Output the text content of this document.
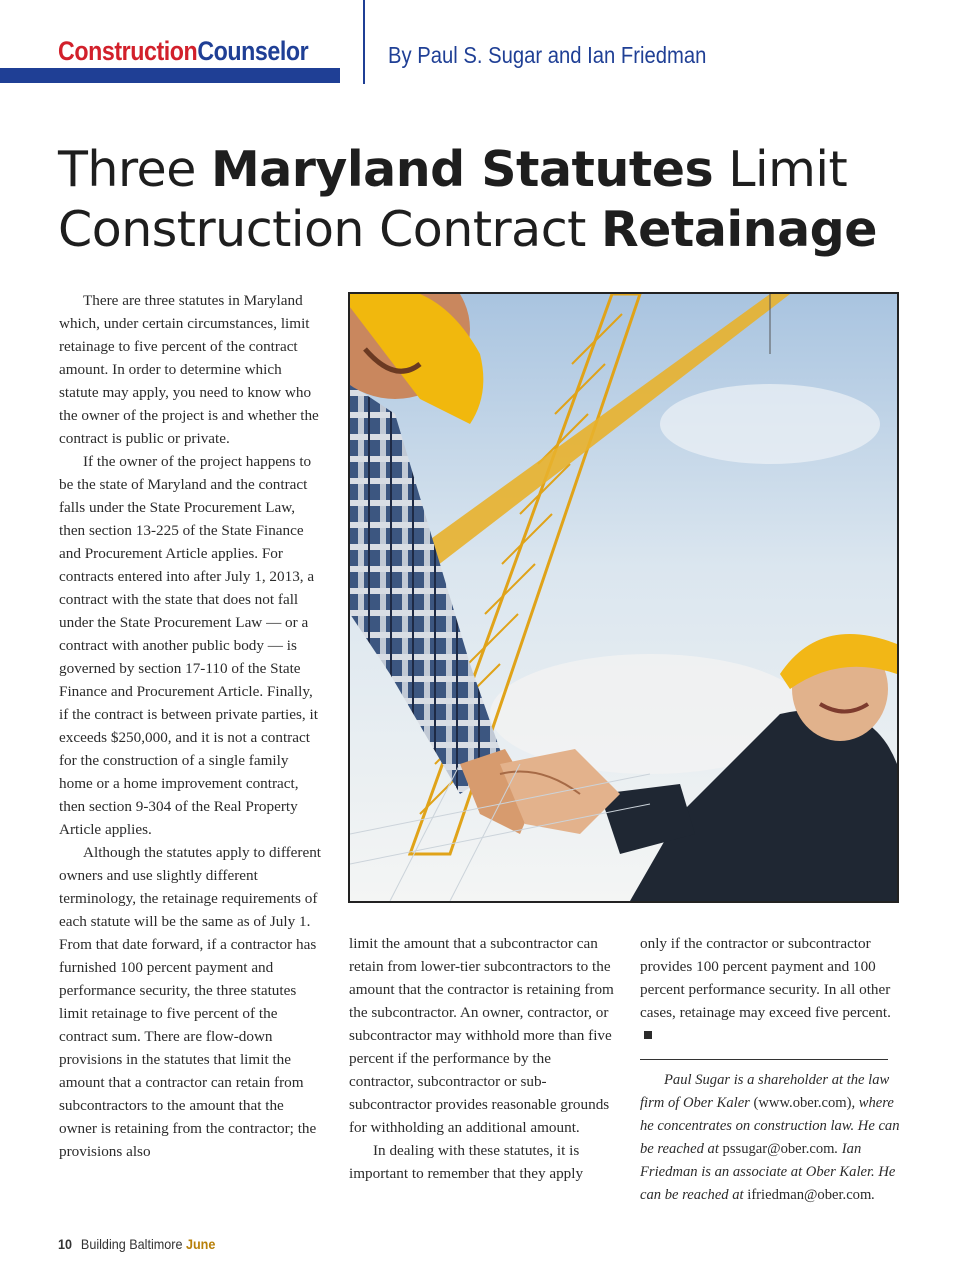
ConstructionCounselor	By Paul S. Sugar and Ian Friedman
Three Maryland Statutes Limit
Construction Contract Retainage

There are three statutes in Maryland which, under certain circumstances, limit retainage to five percent of the contract amount. In order to determine which statute may apply, you need to know who the owner of the project is and whether the contract is public or private.

If the owner of the project happens to be the state of Maryland and the contract falls under the State Procurement Law, then section 13-225 of the State Finance and Procurement Article applies. For contracts entered into after July 1, 2013, a contract with the state that does not fall under the State Procurement Law — or a contract with another public body — is governed by section 17-110 of the State Finance and Procurement Article. Finally, if the contract is between private parties, it exceeds $250,000, and it is not a contract for the construction of a single family home or a home improvement contract, then section 9-304 of the Real Property Article applies.

Although the statutes apply to different owners and use slightly different terminology, the retainage requirements of each statute will be the same as of July 1. From that date forward, if a contractor has furnished 100 percent payment and performance security, the three statutes limit retainage to five percent of the contract sum. There are flow-down provisions in the statutes that limit the amount that a contractor can retain from subcontractors to the amount that the owner is retaining from the contractor; the provisions also

limit the amount that a subcontractor can retain from lower-tier subcontractors to the amount that the contractor is retaining from the subcontractor. An owner, contractor, or subcontractor may withhold more than five percent if the performance by the contractor, subcontractor or sub-subcontractor provides reasonable grounds for withholding an additional amount.

In dealing with these statutes, it is important to remember that they apply

only if the contractor or subcontractor provides 100 percent payment and 100 percent performance security. In all other cases, retainage may exceed five percent.

Paul Sugar is a shareholder at the law firm of Ober Kaler (www.ober.com), where he concentrates on construction law. He can be reached at pssugar@ober.com. Ian Friedman is an associate at Ober Kaler. He can be reached at ifriedman@ober.com.

10 Building Baltimore June
